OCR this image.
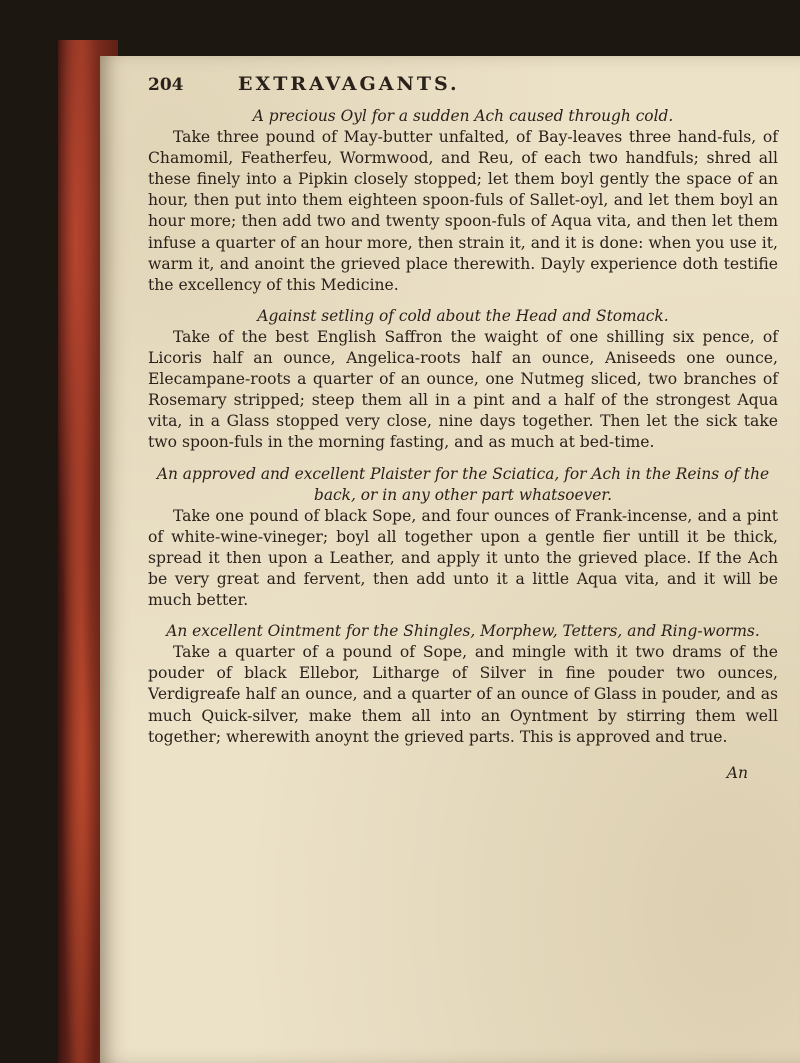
204	EXTRAVAGANTS.

A precious Oyl for a sudden Ach caused through cold.

Take three pound of May-butter unfalted, of Bay-leaves three hand-fuls, of Chamomil, Featherfeu, Wormwood, and Reu, of each two handfuls; shred all these finely into a Pipkin closely stopped; let them boyl gently the space of an hour, then put into them eighteen spoon-fuls of Sallet-oyl, and let them boyl an hour more; then add two and twenty spoon-fuls of Aqua vita, and then let them infuse a quarter of an hour more, then strain it, and it is done: when you use it, warm it, and anoint the grieved place therewith. Dayly experience doth testifie the excellency of this Medicine.

Against setling of cold about the Head and Stomack.

Take of the best English Saffron the waight of one shilling six pence, of Licoris half an ounce, Angelica-roots half an ounce, Aniseeds one ounce, Elecampane-roots a quarter of an ounce, one Nutmeg sliced, two branches of Rosemary stripped; steep them all in a pint and a half of the strongest Aqua vita, in a Glass stopped very close, nine days together. Then let the sick take two spoon-fuls in the morning fasting, and as much at bed-time.

An approved and excellent Plaister for the Sciatica, for Ach in the Reins of the back, or in any other part whatsoever.

Take one pound of black Sope, and four ounces of Frank-incense, and a pint of white-wine-vineger; boyl all together upon a gentle fier untill it be thick, spread it then upon a Leather, and apply it unto the grieved place. If the Ach be very great and fervent, then add unto it a little Aqua vita, and it will be much better.

An excellent Ointment for the Shingles, Morphew, Tetters, and Ring-worms.

Take a quarter of a pound of Sope, and mingle with it two drams of the pouder of black Ellebor, Litharge of Silver in fine pouder two ounces, Verdigreafe half an ounce, and a quarter of an ounce of Glass in pouder, and as much Quick-silver, make them all into an Oyntment by stirring them well together; wherewith anoynt the grieved parts. This is approved and true.

An
